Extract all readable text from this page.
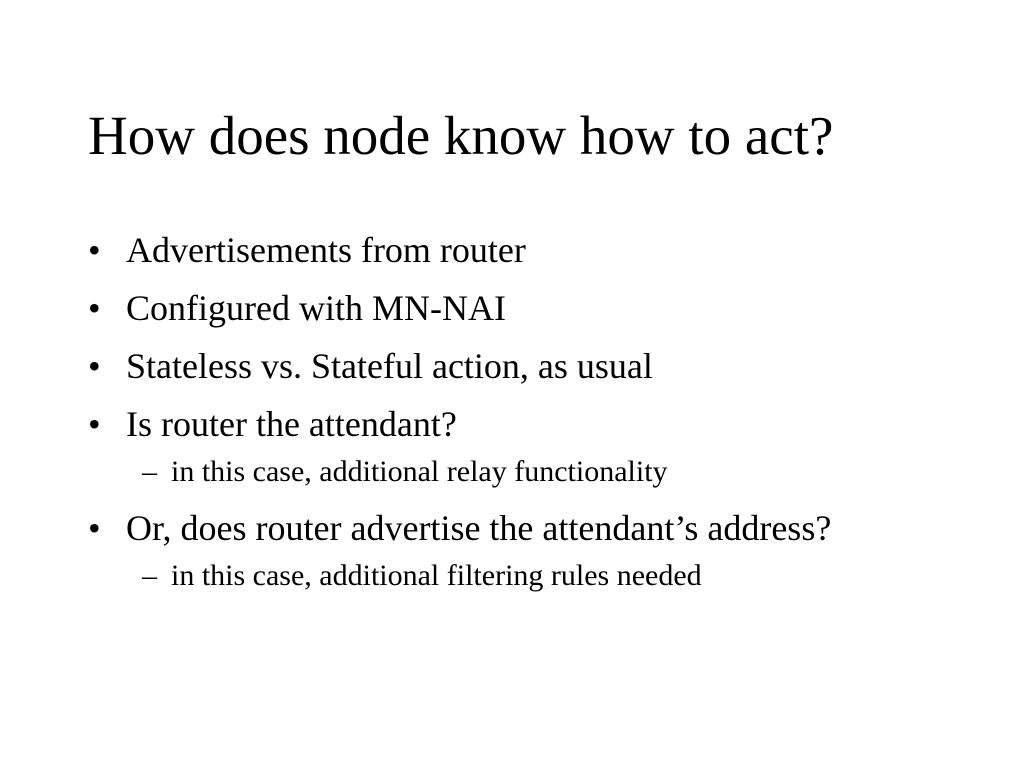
How does node know how to act?
• Advertisements from router
• Configured with MN-NAI
• Stateless vs. Stateful action, as usual
• Is router the attendant?
– in this case, additional relay functionality
• Or, does router advertise the attendant’s address?
– in this case, additional filtering rules needed
